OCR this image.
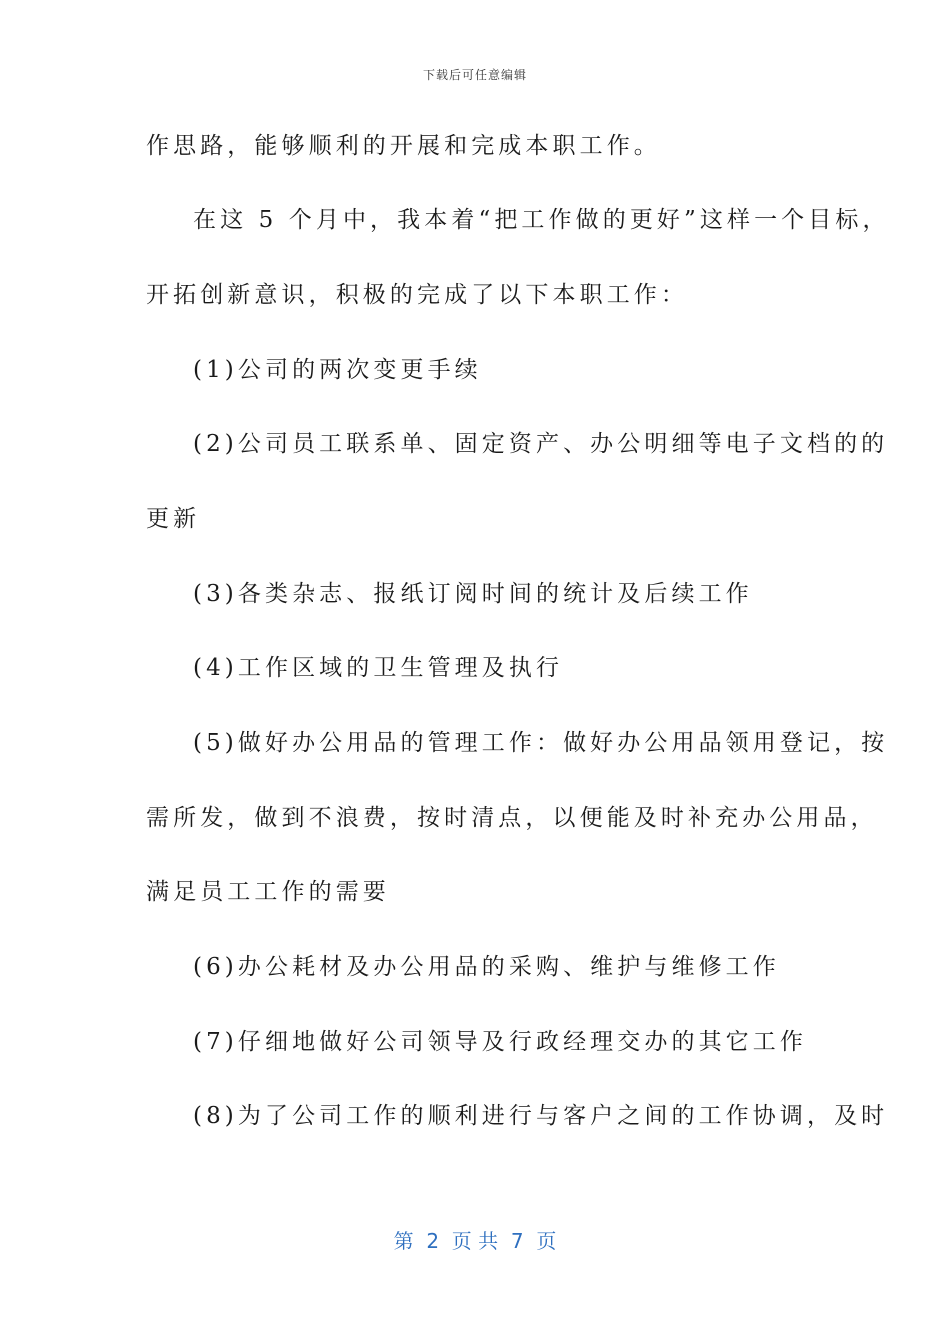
下载后可任意编辑
作思路，能够顺利的开展和完成本职工作。
在这 5 个月中，我本着“把工作做的更好”这样一个目标，
开拓创新意识，积极的完成了以下本职工作：
(1)公司的两次变更手续
(2)公司员工联系单、固定资产、办公明细等电子文档的的
更新
(3)各类杂志、报纸订阅时间的统计及后续工作
(4)工作区域的卫生管理及执行
(5)做好办公用品的管理工作：做好办公用品领用登记，按
需所发，做到不浪费，按时清点，以便能及时补充办公用品，
满足员工工作的需要
(6)办公耗材及办公用品的采购、维护与维修工作
(7)仔细地做好公司领导及行政经理交办的其它工作
(8)为了公司工作的顺利进行与客户之间的工作协调，及时
第  2  页 共  7  页
